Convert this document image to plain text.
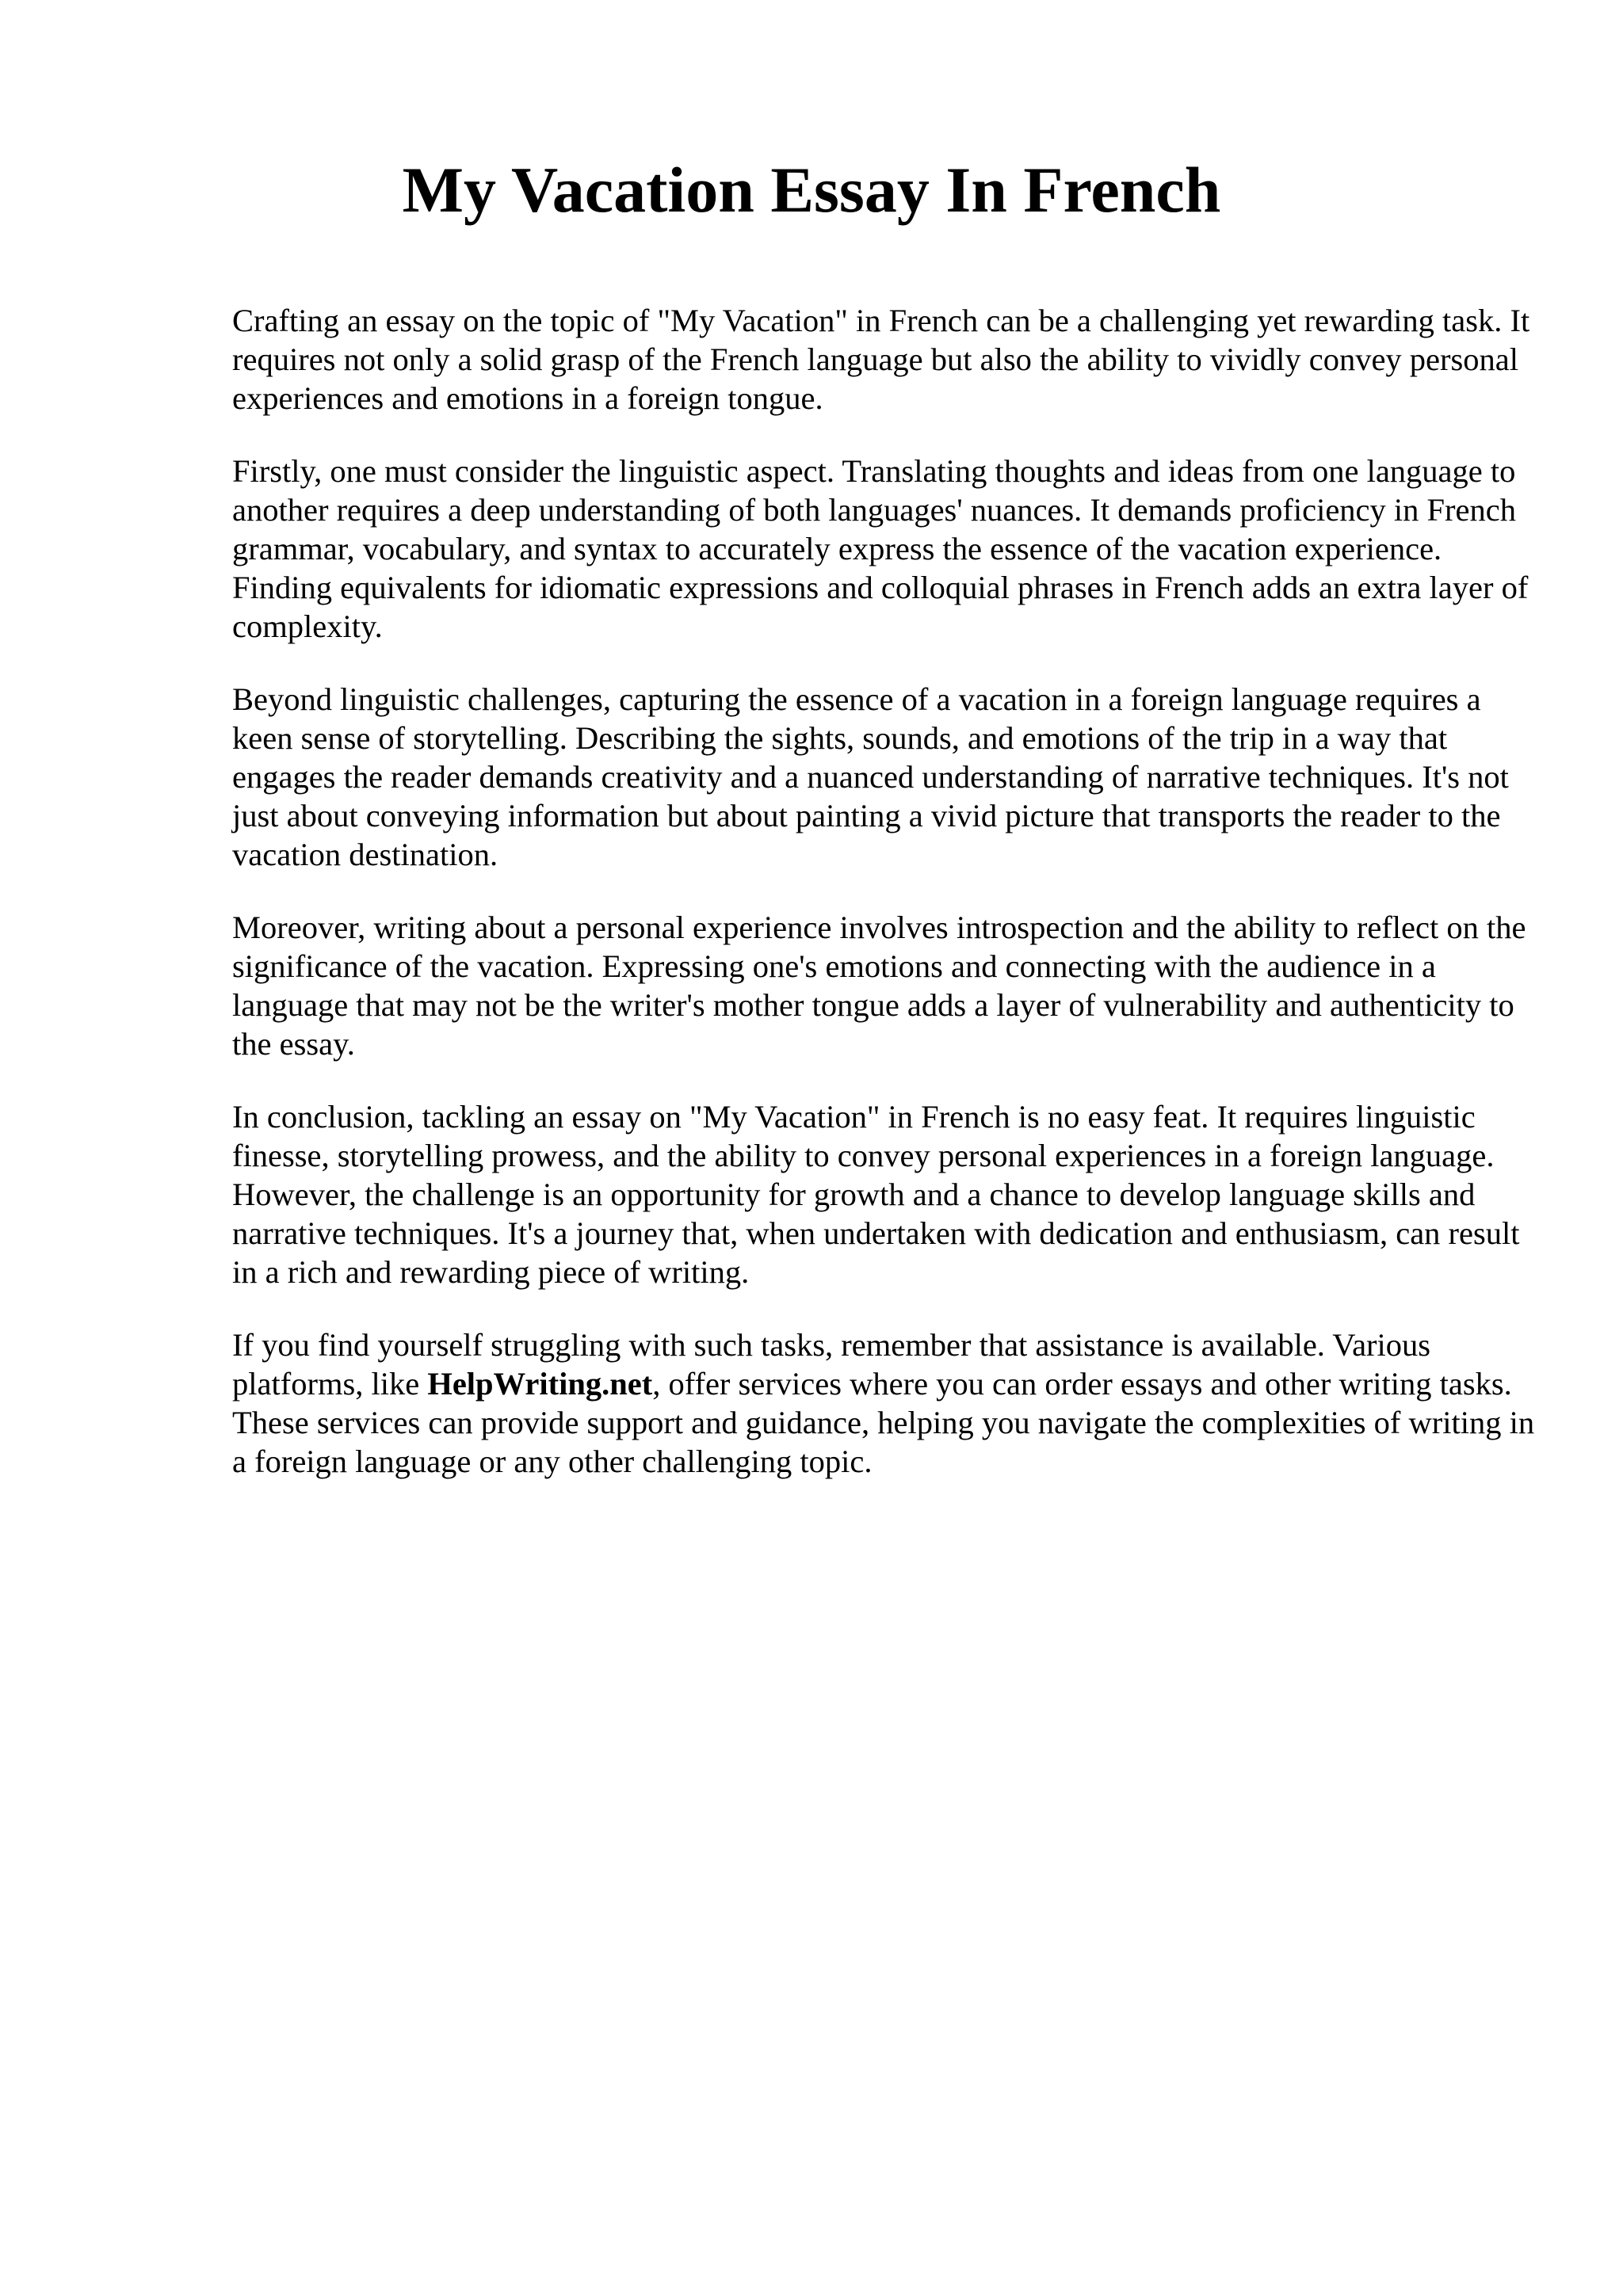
My Vacation Essay In French

Crafting an essay on the topic of "My Vacation" in French can be a challenging yet rewarding task. It requires not only a solid grasp of the French language but also the ability to vividly convey personal experiences and emotions in a foreign tongue.

Firstly, one must consider the linguistic aspect. Translating thoughts and ideas from one language to another requires a deep understanding of both languages' nuances. It demands proficiency in French grammar, vocabulary, and syntax to accurately express the essence of the vacation experience. Finding equivalents for idiomatic expressions and colloquial phrases in French adds an extra layer of complexity.

Beyond linguistic challenges, capturing the essence of a vacation in a foreign language requires a keen sense of storytelling. Describing the sights, sounds, and emotions of the trip in a way that engages the reader demands creativity and a nuanced understanding of narrative techniques. It's not just about conveying information but about painting a vivid picture that transports the reader to the vacation destination.

Moreover, writing about a personal experience involves introspection and the ability to reflect on the significance of the vacation. Expressing one's emotions and connecting with the audience in a language that may not be the writer's mother tongue adds a layer of vulnerability and authenticity to the essay.

In conclusion, tackling an essay on "My Vacation" in French is no easy feat. It requires linguistic finesse, storytelling prowess, and the ability to convey personal experiences in a foreign language. However, the challenge is an opportunity for growth and a chance to develop language skills and narrative techniques. It's a journey that, when undertaken with dedication and enthusiasm, can result in a rich and rewarding piece of writing.

If you find yourself struggling with such tasks, remember that assistance is available. Various platforms, like HelpWriting.net, offer services where you can order essays and other writing tasks. These services can provide support and guidance, helping you navigate the complexities of writing in a foreign language or any other challenging topic.
